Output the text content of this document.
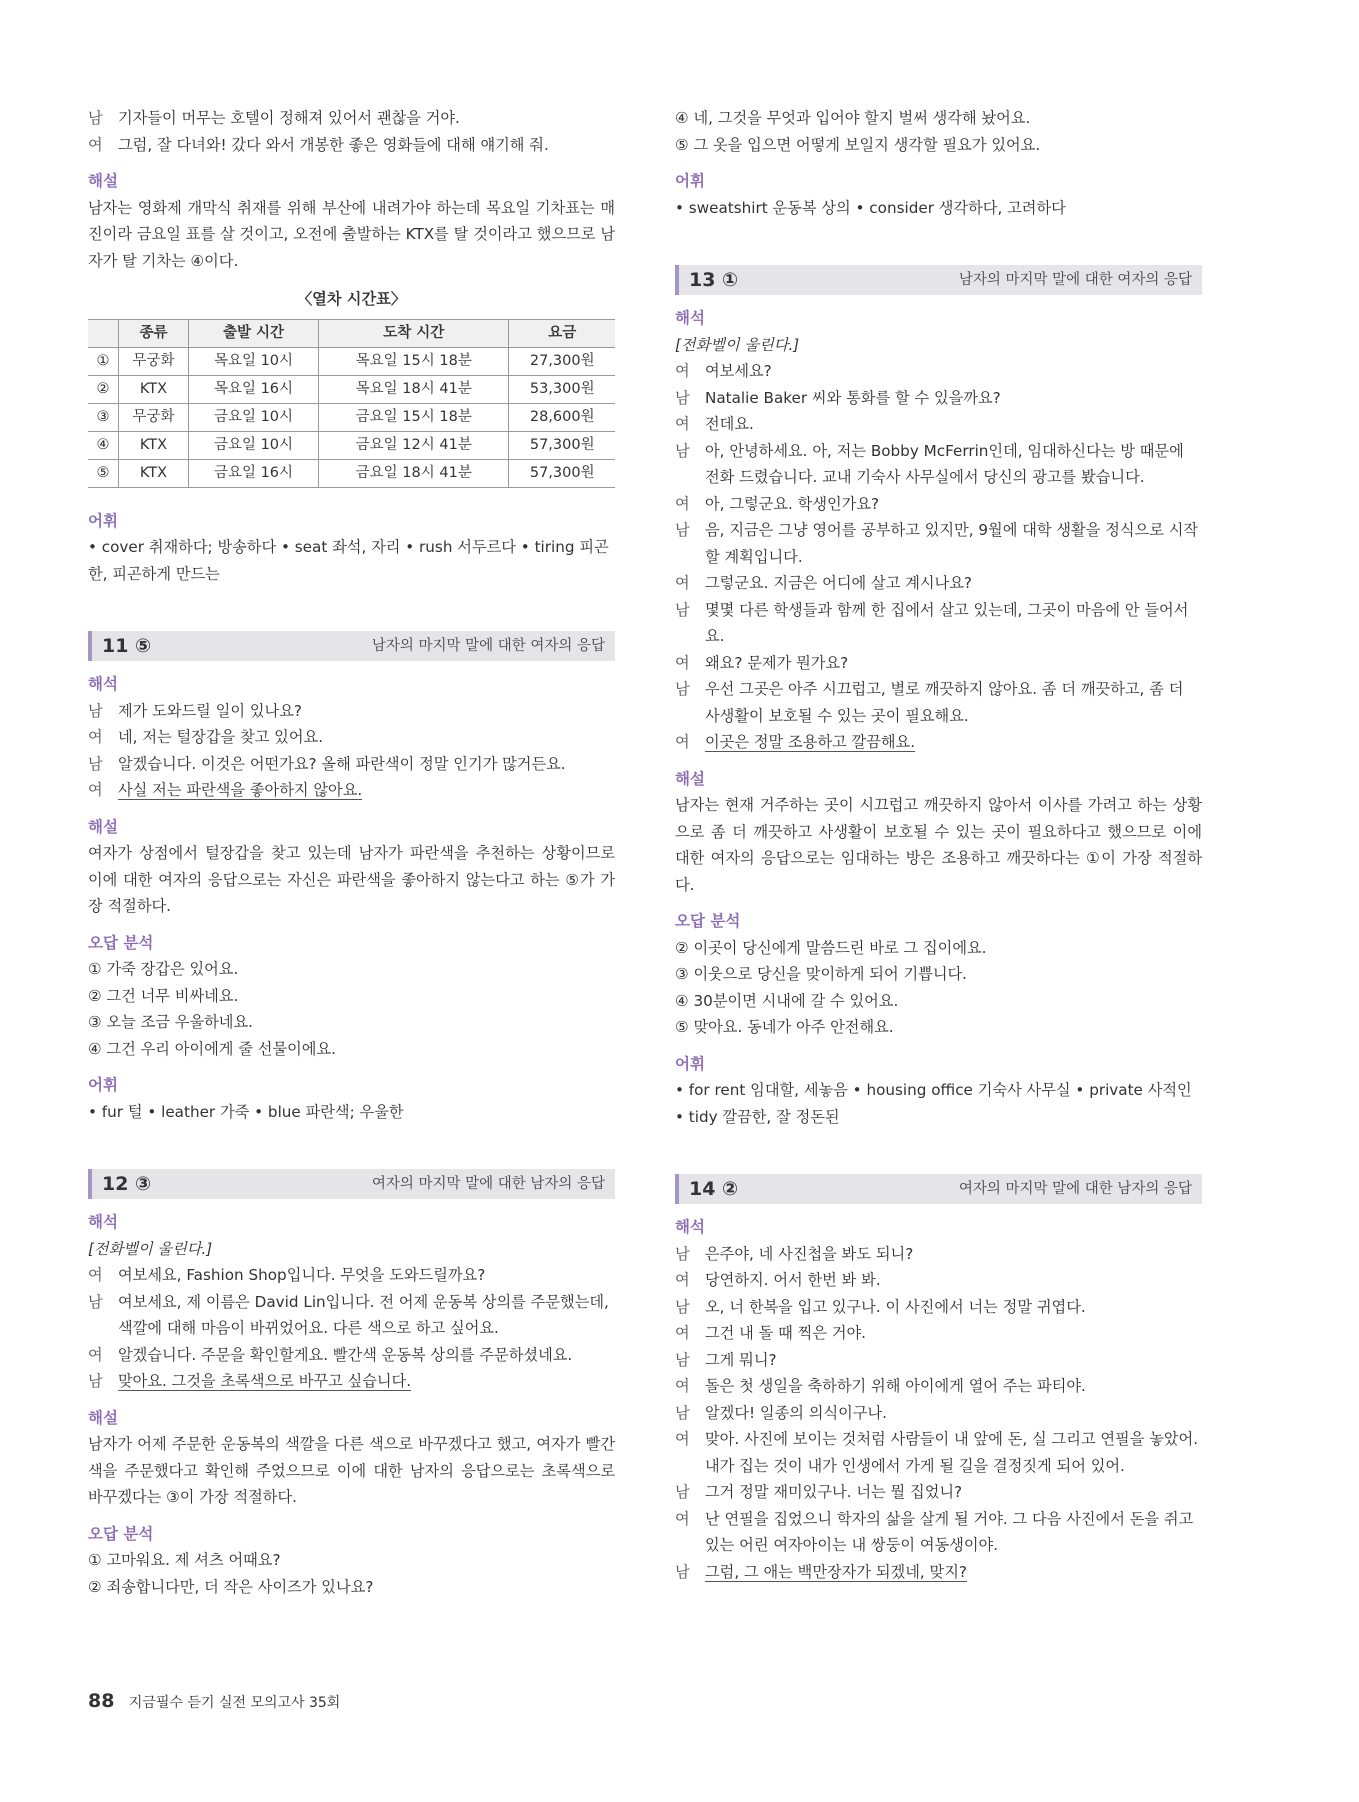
남	기자들이 머무는 호텔이 정해져 있어서 괜찮을 거야.
여	그럼, 잘 다녀와! 갔다 와서 개봉한 좋은 영화들에 대해 얘기해 줘.
해설

남자는 영화제 개막식 취재를 위해 부산에 내려가야 하는데 목요일 기차표는 매진이라 금요일 표를 살 것이고, 오전에 출발하는 KTX를 탈 것이라고 했으므로 남자가 탈 기차는 ④이다.

〈열차 시간표〉
	종류	출발 시간	도착 시간	요금
①	무궁화	목요일 10시	목요일 15시 18분	27,300원
②	KTX	목요일 16시	목요일 18시 41분	53,300원
③	무궁화	금요일 10시	금요일 15시 18분	28,600원
④	KTX	금요일 10시	금요일 12시 41분	57,300원
⑤	KTX	금요일 16시	금요일 18시 41분	57,300원
어휘

• cover 취재하다; 방송하다 • seat 좌석, 자리 • rush 서두르다 • tiring 피곤한, 피곤하게 만드는

11 ⑤	남자의 마지막 말에 대한 여자의 응답
해석
남	제가 도와드릴 일이 있나요?
여	네, 저는 털장갑을 찾고 있어요.
남	알겠습니다. 이것은 어떤가요? 올해 파란색이 정말 인기가 많거든요.
여	사실 저는 파란색을 좋아하지 않아요.
해설

여자가 상점에서 털장갑을 찾고 있는데 남자가 파란색을 추천하는 상황이므로 이에 대한 여자의 응답으로는 자신은 파란색을 좋아하지 않는다고 하는 ⑤가 가장 적절하다.

오답 분석
① 가죽 장갑은 있어요.
② 그건 너무 비싸네요.
③ 오늘 조금 우울하네요.
④ 그건 우리 아이에게 줄 선물이에요.
어휘

• fur 털 • leather 가죽 • blue 파란색; 우울한

12 ③	여자의 마지막 말에 대한 남자의 응답
해석
[전화벨이 울린다.]
여	여보세요, Fashion Shop입니다. 무엇을 도와드릴까요?
남	여보세요, 제 이름은 David Lin입니다. 전 어제 운동복 상의를 주문했는데, 색깔에 대해 마음이 바뀌었어요. 다른 색으로 하고 싶어요.
여	알겠습니다. 주문을 확인할게요. 빨간색 운동복 상의를 주문하셨네요.
남	맞아요. 그것을 초록색으로 바꾸고 싶습니다.
해설

남자가 어제 주문한 운동복의 색깔을 다른 색으로 바꾸겠다고 했고, 여자가 빨간색을 주문했다고 확인해 주었으므로 이에 대한 남자의 응답으로는 초록색으로 바꾸겠다는 ③이 가장 적절하다.

오답 분석
① 고마워요. 제 셔츠 어때요?
② 죄송합니다만, 더 작은 사이즈가 있나요?
④ 네, 그것을 무엇과 입어야 할지 벌써 생각해 놨어요.
⑤ 그 옷을 입으면 어떻게 보일지 생각할 필요가 있어요.
어휘

• sweatshirt 운동복 상의 • consider 생각하다, 고려하다

13 ①	남자의 마지막 말에 대한 여자의 응답
해석
[전화벨이 울린다.]
여	여보세요?
남	Natalie Baker 씨와 통화를 할 수 있을까요?
여	전데요.
남	아, 안녕하세요. 아, 저는 Bobby McFerrin인데, 임대하신다는 방 때문에 전화 드렸습니다. 교내 기숙사 사무실에서 당신의 광고를 봤습니다.
여	아, 그렇군요. 학생인가요?
남	음, 지금은 그냥 영어를 공부하고 있지만, 9월에 대학 생활을 정식으로 시작할 계획입니다.
여	그렇군요. 지금은 어디에 살고 계시나요?
남	몇몇 다른 학생들과 함께 한 집에서 살고 있는데, 그곳이 마음에 안 들어서요.
여	왜요? 문제가 뭔가요?
남	우선 그곳은 아주 시끄럽고, 별로 깨끗하지 않아요. 좀 더 깨끗하고, 좀 더 사생활이 보호될 수 있는 곳이 필요해요.
여	이곳은 정말 조용하고 깔끔해요.
해설

남자는 현재 거주하는 곳이 시끄럽고 깨끗하지 않아서 이사를 가려고 하는 상황으로 좀 더 깨끗하고 사생활이 보호될 수 있는 곳이 필요하다고 했으므로 이에 대한 여자의 응답으로는 임대하는 방은 조용하고 깨끗하다는 ①이 가장 적절하다.

오답 분석
② 이곳이 당신에게 말씀드린 바로 그 집이에요.
③ 이웃으로 당신을 맞이하게 되어 기쁩니다.
④ 30분이면 시내에 갈 수 있어요.
⑤ 맞아요. 동네가 아주 안전해요.
어휘

• for rent 임대할, 세놓음 • housing office 기숙사 사무실 • private 사적인

• tidy 깔끔한, 잘 정돈된

14 ②	여자의 마지막 말에 대한 남자의 응답
해석
남	은주야, 네 사진첩을 봐도 되니?
여	당연하지. 어서 한번 봐 봐.
남	오, 너 한복을 입고 있구나. 이 사진에서 너는 정말 귀엽다.
여	그건 내 돌 때 찍은 거야.
남	그게 뭐니?
여	돌은 첫 생일을 축하하기 위해 아이에게 열어 주는 파티야.
남	알겠다! 일종의 의식이구나.
여	맞아. 사진에 보이는 것처럼 사람들이 내 앞에 돈, 실 그리고 연필을 놓았어. 내가 집는 것이 내가 인생에서 가게 될 길을 결정짓게 되어 있어.
남	그거 정말 재미있구나. 너는 뭘 집었니?
여	난 연필을 집었으니 학자의 삶을 살게 될 거야. 그 다음 사진에서 돈을 쥐고 있는 어린 여자아이는 내 쌍둥이 여동생이야.
남	그럼, 그 애는 백만장자가 되겠네, 맞지?
88 지금필수 듣기 실전 모의고사 35회
